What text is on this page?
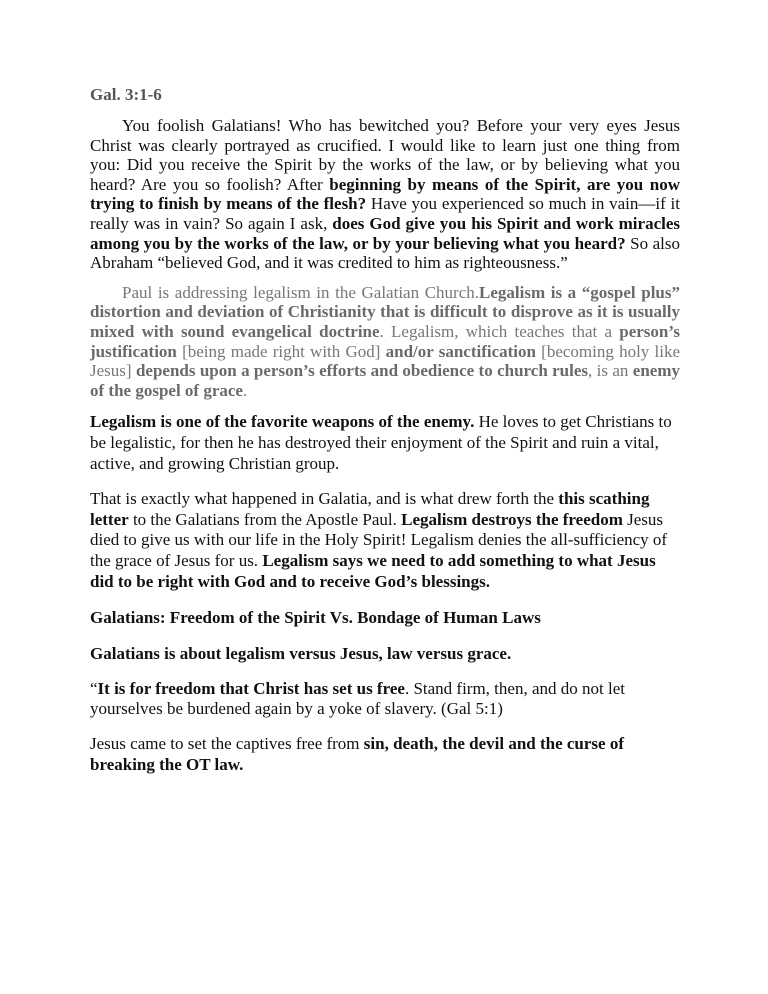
Gal. 3:1-6

You foolish Galatians! Who has bewitched you? Before your very eyes Jesus Christ was clearly portrayed as crucified. I would like to learn just one thing from you: Did you receive the Spirit by the works of the law, or by believing what you heard? Are you so foolish? After beginning by means of the Spirit, are you now trying to finish by means of the flesh? Have you experienced so much in vain—if it really was in vain? So again I ask, does God give you his Spirit and work miracles among you by the works of the law, or by your believing what you heard? So also Abraham “believed God, and it was credited to him as righteousness.”

Paul is addressing legalism in the Galatian Church.Legalism is a “gospel plus” distortion and deviation of Christianity that is difficult to disprove as it is usually mixed with sound evangelical doctrine. Legalism, which teaches that a person’s justification [being made right with God] and/or sanctification [becoming holy like Jesus] depends upon a person’s efforts and obedience to church rules, is an enemy of the gospel of grace.

Legalism is one of the favorite weapons of the enemy. He loves to get Christians to be legalistic, for then he has destroyed their enjoyment of the Spirit and ruin a vital, active, and growing Christian group.

That is exactly what happened in Galatia, and is what drew forth the this scathing letter to the Galatians from the Apostle Paul. Legalism destroys the freedom Jesus died to give us with our life in the Holy Spirit! Legalism denies the all-sufficiency of the grace of Jesus for us. Legalism says we need to add something to what Jesus did to be right with God and to receive God’s blessings.

Galatians: Freedom of the Spirit Vs. Bondage of Human Laws

Galatians is about legalism versus Jesus, law versus grace.

“It is for freedom that Christ has set us free. Stand firm, then, and do not let yourselves be burdened again by a yoke of slavery. (Gal 5:1)

Jesus came to set the captives free from sin, death, the devil and the curse of breaking the OT law.
